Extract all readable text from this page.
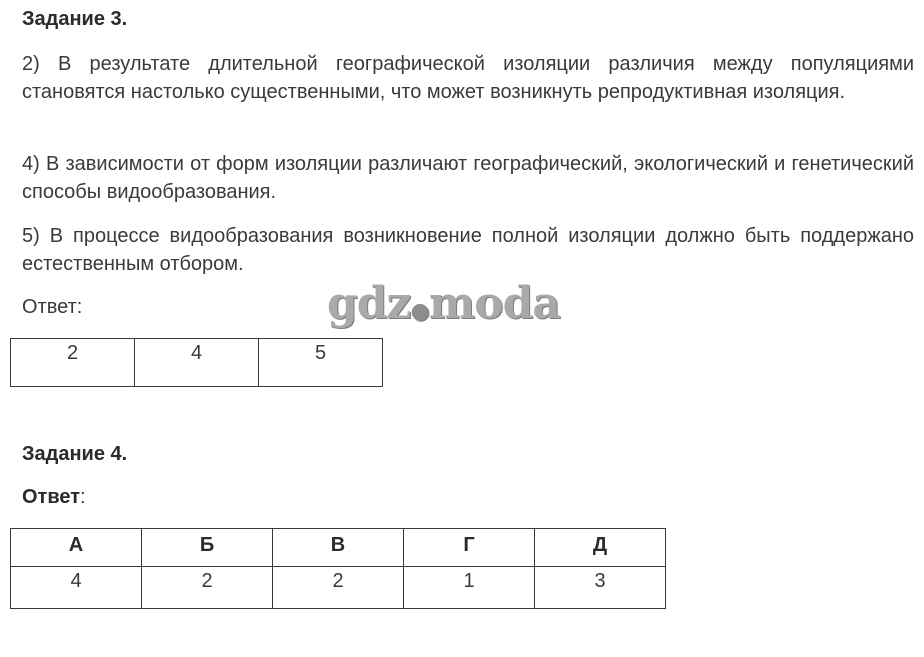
Задание 3.

2) В результате длительной географической изоляции различия между популяциями становятся настолько существенными, что может возникнуть репродуктивная изоляция.

4) В зависимости от форм изоляции различают географический, экологический и генетический способы видообразования.

5) В процессе видообразования возникновение полной изоляции должно быть поддержано естественным отбором.

Ответ:	gdz●moda
2	4	5
Задание 4.

Ответ:

А	Б	В	Г	Д
4	2	2	1	3
